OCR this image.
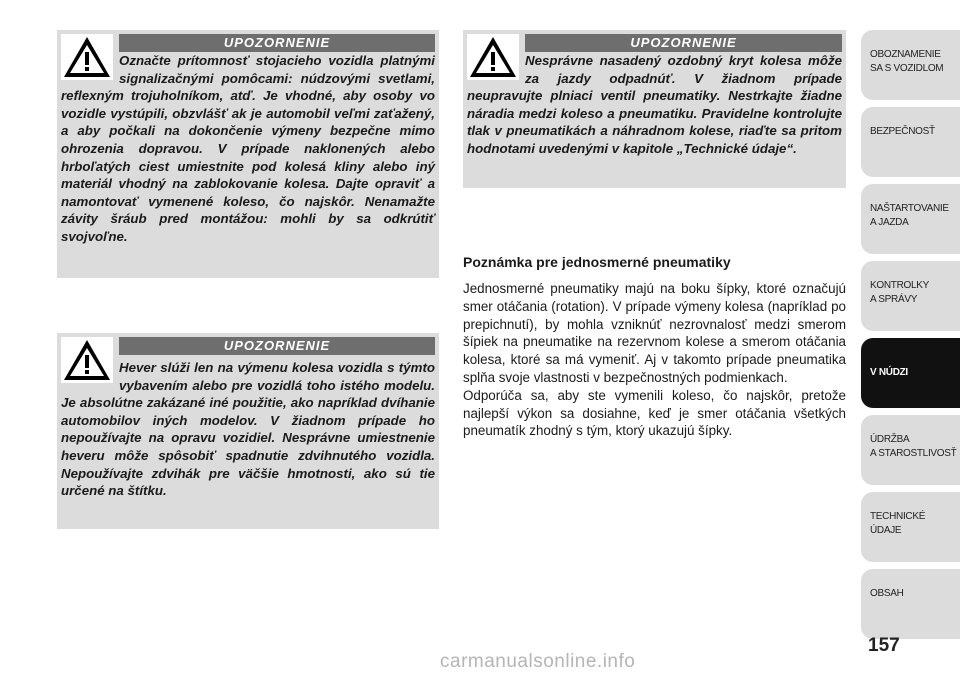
UPOZORNENIE

Označte prítomnosť stojacieho vozidla platnými signalizačnými pomôcami: núdzovými svetlami, reflexným trojuholníkom, atď. Je vhodné, aby osoby vo vozidle vystúpili, obzvlášť ak je automobil veľmi zaťažený, a aby počkali na dokončenie výmeny bezpečne mimo ohrozenia dopravou. V prípade naklonených alebo hrboľatých ciest umiestnite pod kolesá kliny alebo iný materiál vhodný na zablokovanie kolesa. Dajte opraviť a namontovať vymenené koleso, čo najskôr. Nenamažte závity šráub pred montážou: mohli by sa odkrútiť svojvoľne.

UPOZORNENIE

Hever slúži len na výmenu kolesa vozidla s týmto vybavením alebo pre vozidlá toho istého modelu. Je absolútne zakázané iné použitie, ako napríklad dvíhanie automobilov iných modelov. V žiadnom prípade ho nepoužívajte na opravu vozidiel. Nesprávne umiestnenie heveru môže spôsobiť spadnutie zdvihnutého vozidla. Nepoužívajte zdvihák pre väčšie hmotnosti, ako sú tie určené na štítku.

UPOZORNENIE

Nesprávne nasadený ozdobný kryt kolesa môže za jazdy odpadnúť. V žiadnom prípade neupravujte plniaci ventil pneumatiky. Nestrkajte žiadne náradia medzi koleso a pneumatiku. Pravidelne kontrolujte tlak v pneumatikách a náhradnom kolese, riaďte sa pritom hodnotami uvedenými v kapitole „Technické údaje“.

Poznámka pre jednosmerné pneumatiky

Jednosmerné pneumatiky majú na boku šípky, ktoré označujú smer otáčania (rotation). V prípade výmeny kolesa (napríklad po prepichnutí), by mohla vzniknúť nezrovnalosť medzi smerom šípiek na pneumatike na rezervnom kolese a smerom otáčania kolesa, ktoré sa má vymeniť. Aj v takomto prípade pneumatika splňa svoje vlastnosti v bezpečnostných podmienkach.
Odporúča sa, aby ste vymenili koleso, čo najskôr, pretože najlepší výkon sa dosiahne, keď je smer otáčania všetkých pneumatík zhodný s tým, ktorý ukazujú šípky.

OBOZNAMENIE
SA S VOZIDLOM
BEZPEČNOSŤ
NAŠTARTOVANIE
A JAZDA
KONTROLKY
A SPRÁVY
V NÚDZI
ÚDRŽBA
A STAROSTLIVOSŤ
TECHNICKÉ
ÚDAJE
OBSAH
157
carmanualsonline.info
